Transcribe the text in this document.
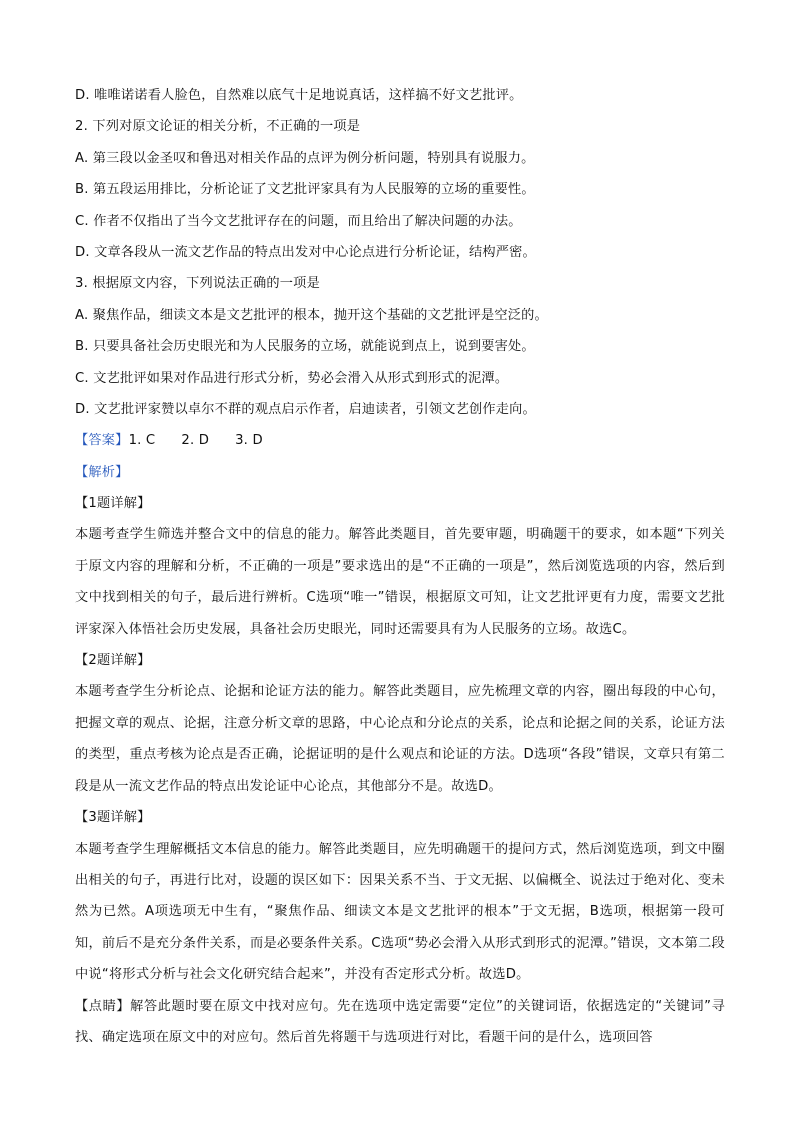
D. 唯唯诺诺看人脸色，自然难以底气十足地说真话，这样搞不好文艺批评。
2. 下列对原文论证的相关分析，不正确的一项是
A. 第三段以金圣叹和鲁迅对相关作品的点评为例分析问题，特别具有说服力。
B. 第五段运用排比，分析论证了文艺批评家具有为人民服筹的立场的重要性。
C. 作者不仅指出了当今文艺批评存在的问题，而且给出了解决问题的办法。
D. 文章各段从一流文艺作品的特点出发对中心论点进行分析论证，结构严密。
3. 根据原文内容，下列说法正确的一项是
A. 聚焦作品，细读文本是文艺批评的根本，抛开这个基础的文艺批评是空泛的。
B. 只要具备社会历史眼光和为人民服务的立场，就能说到点上，说到要害处。
C. 文艺批评如果对作品进行形式分析，势必会滑入从形式到形式的泥潭。
D. 文艺批评家赞以卓尔不群的观点启示作者，启迪读者，引领文艺创作走向。
【答案】1. C 2. D 3. D
【解析】
【1题详解】
本题考查学生筛选并整合文中的信息的能力。解答此类题目，首先要审题，明确题干的要求，如本题“下列关于原文内容的理解和分析，不正确的一项是”要求选出的是“不正确的一项是”，然后浏览选项的内容，然后到文中找到相关的句子，最后进行辨析。C选项“唯一”错误，根据原文可知，让文艺批评更有力度，需要文艺批评家深入体悟社会历史发展，具备社会历史眼光，同时还需要具有为人民服务的立场。故选C。
【2题详解】
本题考查学生分析论点、论据和论证方法的能力。解答此类题目，应先梳理文章的内容，圈出每段的中心句，把握文章的观点、论据，注意分析文章的思路，中心论点和分论点的关系，论点和论据之间的关系，论证方法的类型，重点考核为论点是否正确，论据证明的是什么观点和论证的方法。D选项“各段”错误，文章只有第二段是从一流文艺作品的特点出发论证中心论点，其他部分不是。故选D。
【3题详解】
本题考查学生理解概括文本信息的能力。解答此类题目，应先明确题干的提问方式，然后浏览选项，到文中圈出相关的句子，再进行比对，设题的误区如下：因果关系不当、于文无据、以偏概全、说法过于绝对化、变未然为已然。A项选项无中生有，“聚焦作品、细读文本是文艺批评的根本”于文无据，B选项，根据第一段可知，前后不是充分条件关系，而是必要条件关系。C选项“势必会滑入从形式到形式的泥潭。”错误，文本第二段中说“将形式分析与社会文化研究结合起来”，并没有否定形式分析。故选D。
【点睛】解答此题时要在原文中找对应句。先在选项中选定需要“定位”的关键词语，依据选定的“关键词”寻找、确定选项在原文中的对应句。然后首先将题干与选项进行对比，看题干问的是什么，选项回答
